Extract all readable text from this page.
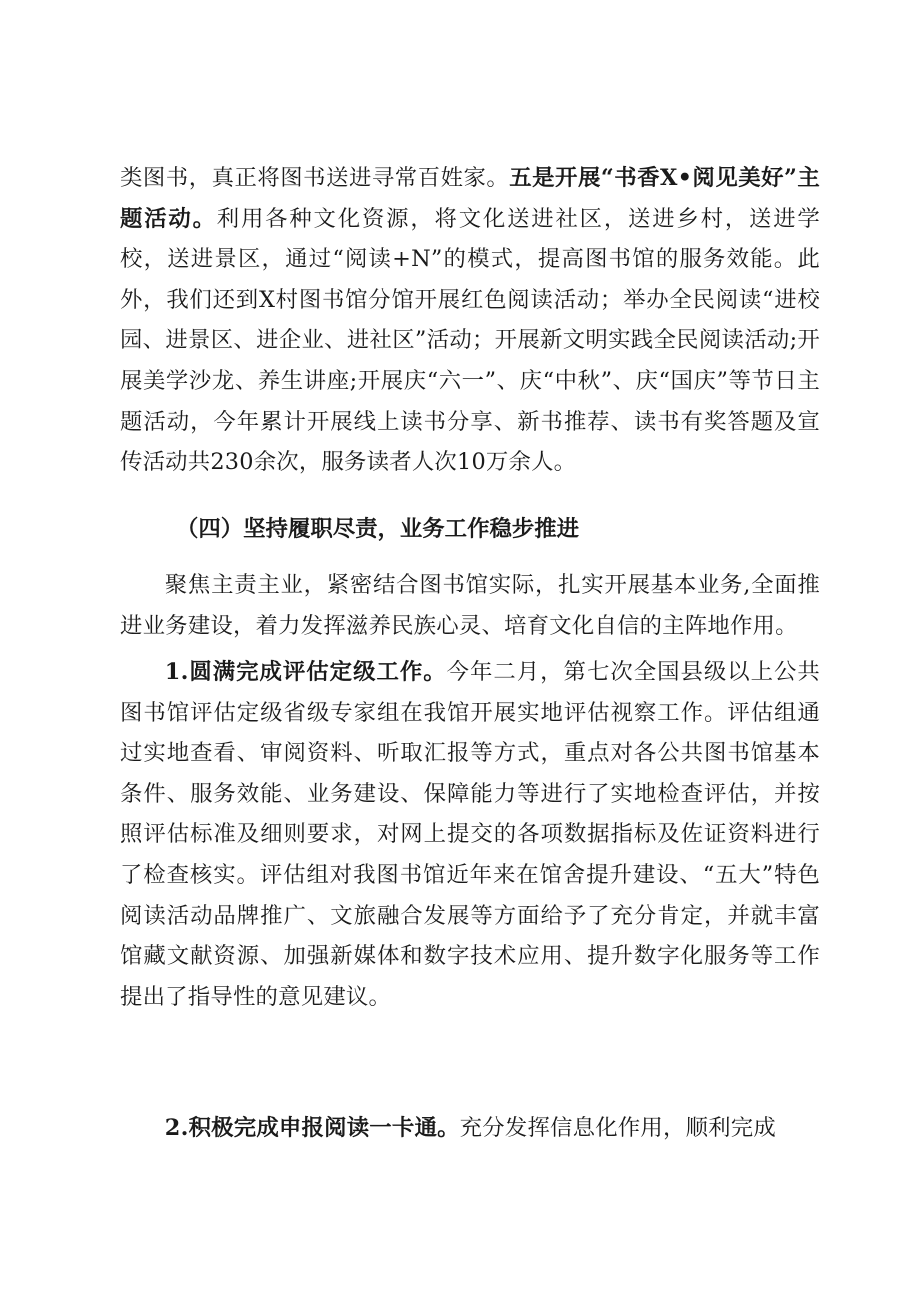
类图书，真正将图书送进寻常百姓家。五是开展“书香X•阅见美好”主题活动。利用各种文化资源，将文化送进社区，送进乡村，送进学校，送进景区，通过“阅读+N”的模式，提高图书馆的服务效能。此外，我们还到X村图书馆分馆开展红色阅读活动；举办全民阅读“进校园、进景区、进企业、进社区”活动；开展新文明实践全民阅读活动;开展美学沙龙、养生讲座;开展庆“六一”、庆“中秋”、庆“国庆”等节日主题活动，今年累计开展线上读书分享、新书推荐、读书有奖答题及宣传活动共230余次，服务读者人次10万余人。

（四）坚持履职尽责，业务工作稳步推进

聚焦主责主业，紧密结合图书馆实际，扎实开展基本业务,全面推进业务建设，着力发挥滋养民族心灵、培育文化自信的主阵地作用。

1.圆满完成评估定级工作。今年二月，第七次全国县级以上公共图书馆评估定级省级专家组在我馆开展实地评估视察工作。评估组通过实地查看、审阅资料、听取汇报等方式，重点对各公共图书馆基本条件、服务效能、业务建设、保障能力等进行了实地检查评估，并按照评估标准及细则要求，对网上提交的各项数据指标及佐证资料进行了检查核实。评估组对我图书馆近年来在馆舍提升建设、“五大”特色阅读活动品牌推广、文旅融合发展等方面给予了充分肯定，并就丰富馆藏文献资源、加强新媒体和数字技术应用、提升数字化服务等工作提出了指导性的意见建议。

2.积极完成申报阅读一卡通。充分发挥信息化作用，顺利完成
